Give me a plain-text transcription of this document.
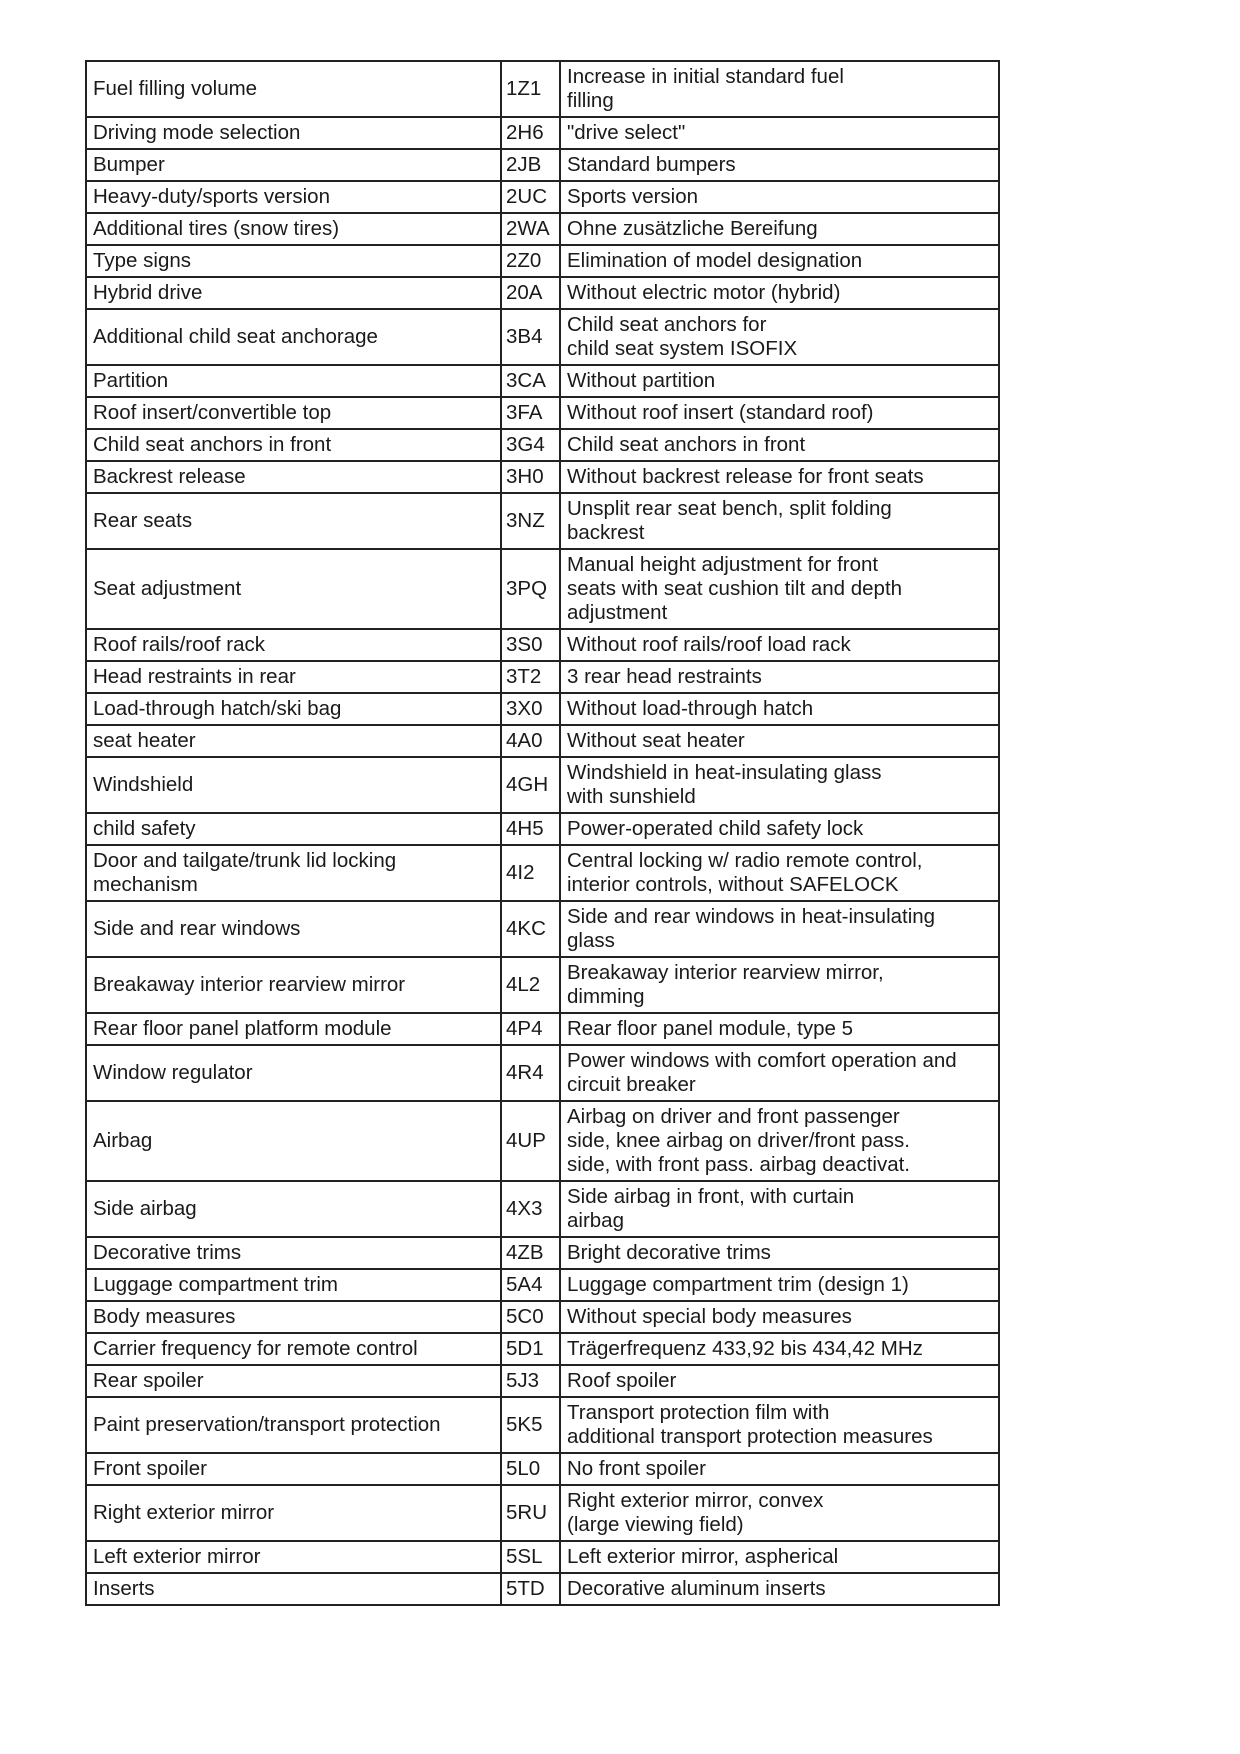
Fuel filling volume	1Z1	Increase in initial standard fuel
filling
Driving mode selection	2H6	"drive select"
Bumper	2JB	Standard bumpers
Heavy-duty/sports version	2UC	Sports version
Additional tires (snow tires)	2WA	Ohne zusätzliche Bereifung
Type signs	2Z0	Elimination of model designation
Hybrid drive	20A	Without electric motor (hybrid)
Additional child seat anchorage	3B4	Child seat anchors for
child seat system ISOFIX
Partition	3CA	Without partition
Roof insert/convertible top	3FA	Without roof insert (standard roof)
Child seat anchors in front	3G4	Child seat anchors in front
Backrest release	3H0	Without backrest release for front seats
Rear seats	3NZ	Unsplit rear seat bench, split folding
backrest
Seat adjustment	3PQ	Manual height adjustment for front
seats with seat cushion tilt and depth
adjustment
Roof rails/roof rack	3S0	Without roof rails/roof load rack
Head restraints in rear	3T2	3 rear head restraints
Load-through hatch/ski bag	3X0	Without load-through hatch
seat heater	4A0	Without seat heater
Windshield	4GH	Windshield in heat-insulating glass
with sunshield
child safety	4H5	Power-operated child safety lock
Door and tailgate/trunk lid locking
mechanism	4I2	Central locking w/ radio remote control,
interior controls, without SAFELOCK
Side and rear windows	4KC	Side and rear windows in heat-insulating
glass
Breakaway interior rearview mirror	4L2	Breakaway interior rearview mirror,
dimming
Rear floor panel platform module	4P4	Rear floor panel module, type 5
Window regulator	4R4	Power windows with comfort operation and
circuit breaker
Airbag	4UP	Airbag on driver and front passenger
side, knee airbag on driver/front pass.
side, with front pass. airbag deactivat.
Side airbag	4X3	Side airbag in front, with curtain
airbag
Decorative trims	4ZB	Bright decorative trims
Luggage compartment trim	5A4	Luggage compartment trim (design 1)
Body measures	5C0	Without special body measures
Carrier frequency for remote control	5D1	Trägerfrequenz 433,92 bis 434,42 MHz
Rear spoiler	5J3	Roof spoiler
Paint preservation/transport protection	5K5	Transport protection film with
additional transport protection measures
Front spoiler	5L0	No front spoiler
Right exterior mirror	5RU	Right exterior mirror, convex
(large viewing field)
Left exterior mirror	5SL	Left exterior mirror, aspherical
Inserts	5TD	Decorative aluminum inserts
